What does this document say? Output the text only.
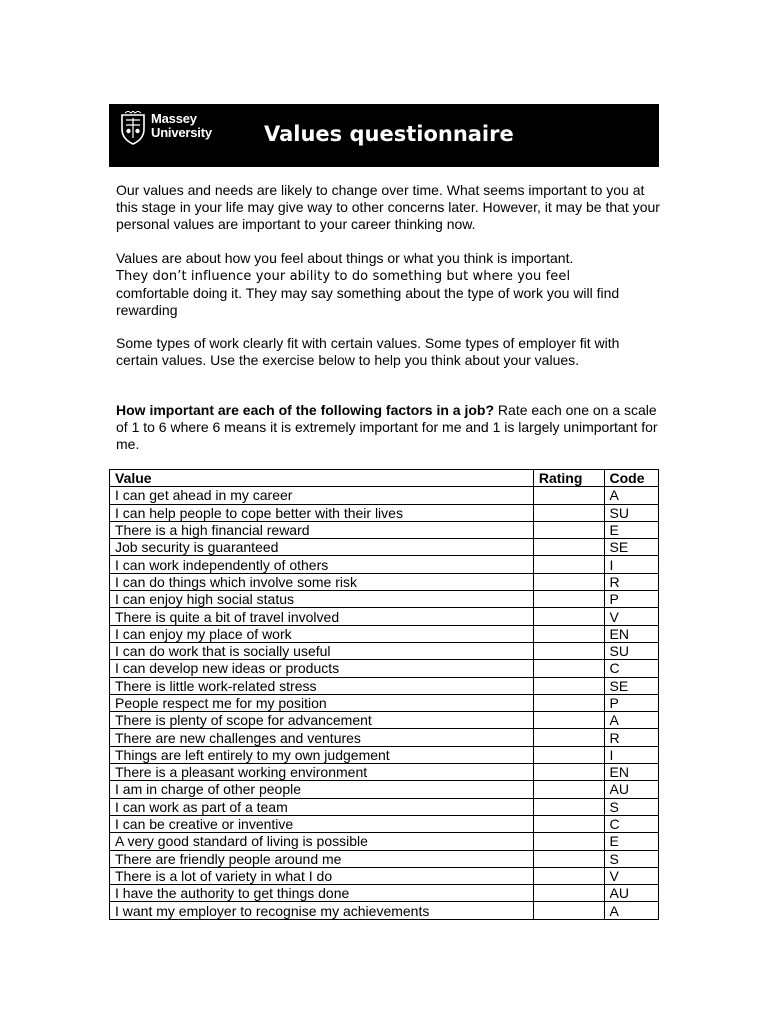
Massey
University Values questionnaire

Our values and needs are likely to change over time. What seems important to you at this stage in your life may give way to other concerns later. However, it may be that your personal values are important to your career thinking now.

Values are about how you feel about things or what you think is important.
They don’t influence your ability to do something but where you feel
comfortable doing it. They may say something about the type of work you will find rewarding

Some types of work clearly fit with certain values. Some types of employer fit with certain values. Use the exercise below to help you think about your values.

How important are each of the following factors in a job? Rate each one on a scale of 1 to 6 where 6 means it is extremely important for me and 1 is largely unimportant for me.

Value	Rating	Code
I can get ahead in my career		A
I can help people to cope better with their lives		SU
There is a high financial reward		E
Job security is guaranteed		SE
I can work independently of others		I
I can do things which involve some risk		R
I can enjoy high social status		P
There is quite a bit of travel involved		V
I can enjoy my place of work		EN
I can do work that is socially useful		SU
I can develop new ideas or products		C
There is little work-related stress		SE
People respect me for my position		P
There is plenty of scope for advancement		A
There are new challenges and ventures		R
Things are left entirely to my own judgement		I
There is a pleasant working environment		EN
I am in charge of other people		AU
I can work as part of a team		S
I can be creative or inventive		C
A very good standard of living is possible		E
There are friendly people around me		S
There is a lot of variety in what I do		V
I have the authority to get things done		AU
I want my employer to recognise my achievements		A
